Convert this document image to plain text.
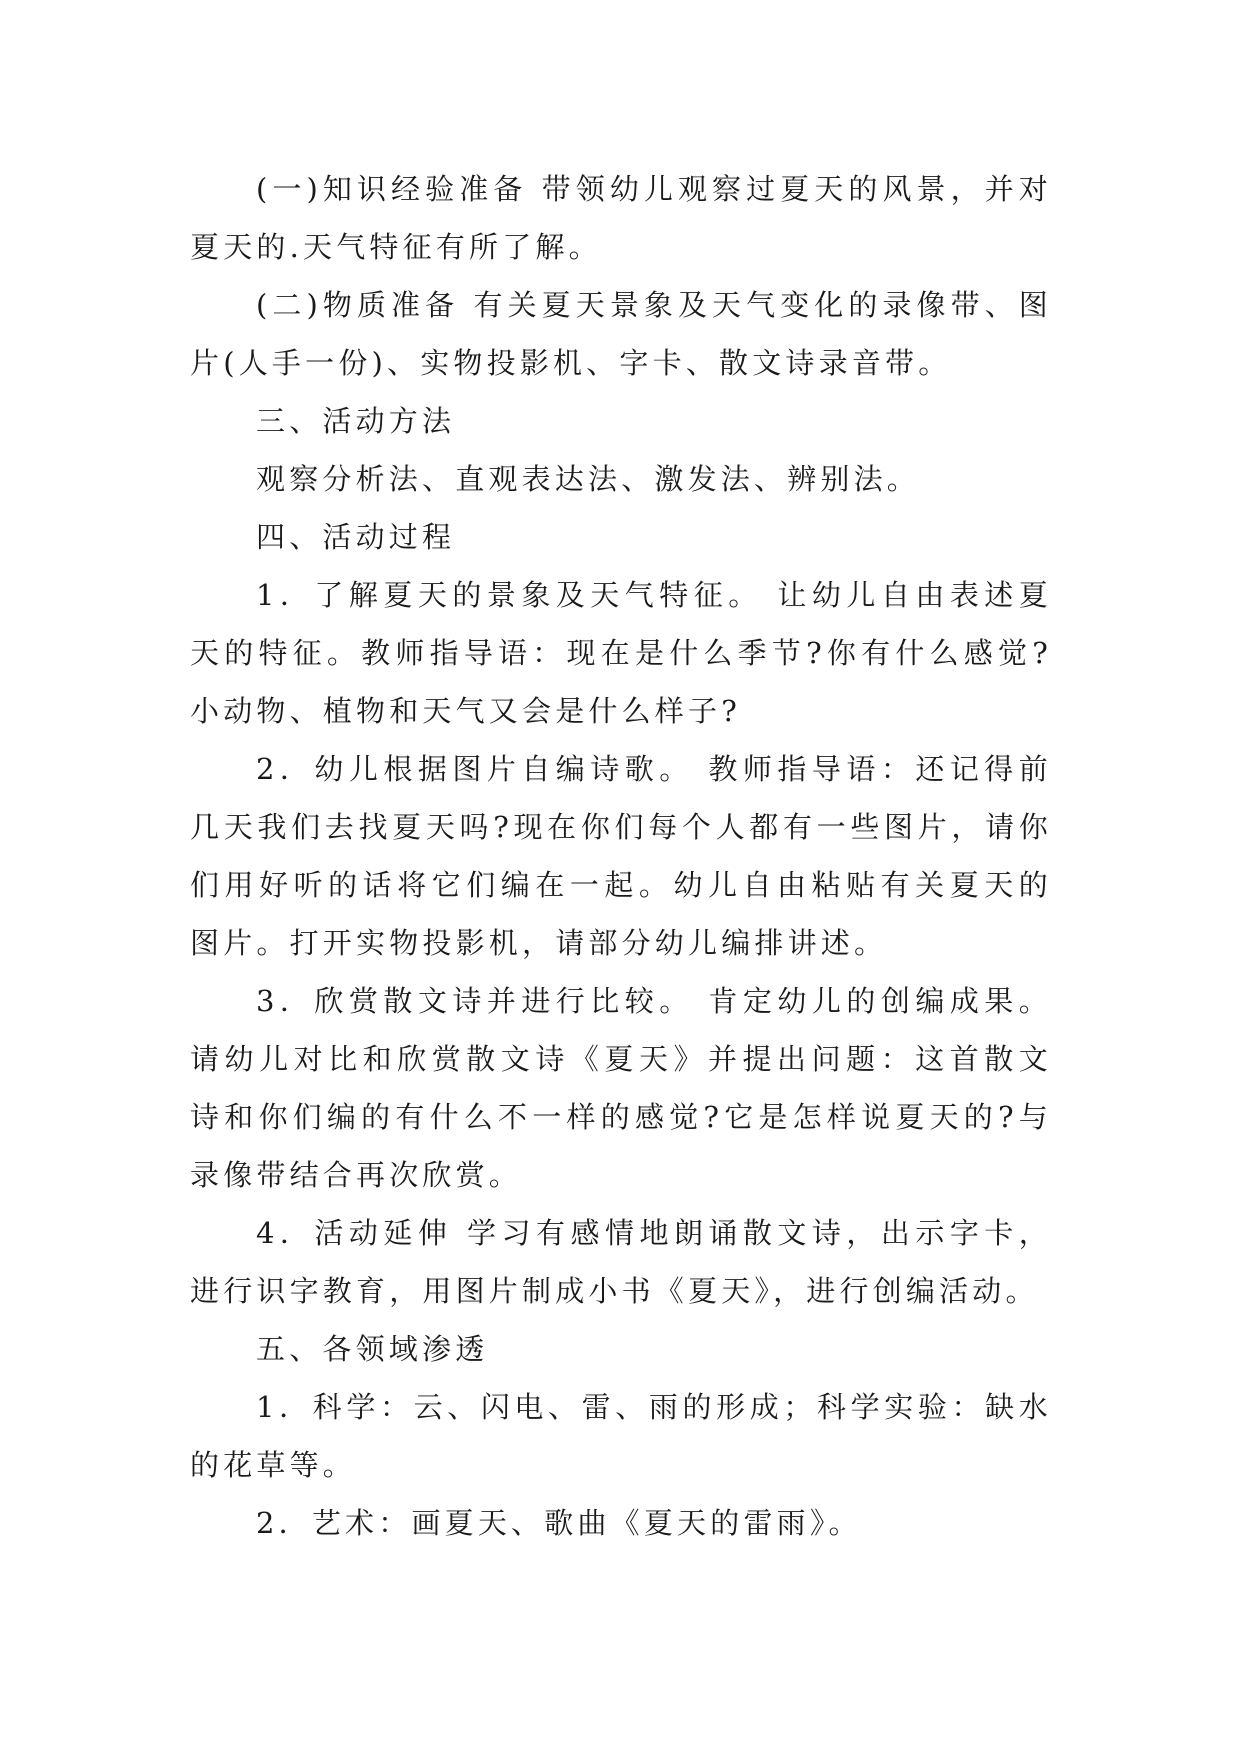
(一)知识经验准备 带领幼儿观察过夏天的风景，并对夏天的.天气特征有所了解。

(二)物质准备 有关夏天景象及天气变化的录像带、图片(人手一份)、实物投影机、字卡、散文诗录音带。

三、活动方法

观察分析法、直观表达法、激发法、辨别法。

四、活动过程

1．了解夏天的景象及天气特征。 让幼儿自由表述夏天的特征。教师指导语：现在是什么季节?你有什么感觉?小动物、植物和天气又会是什么样子?

2．幼儿根据图片自编诗歌。 教师指导语：还记得前几天我们去找夏天吗?现在你们每个人都有一些图片，请你们用好听的话将它们编在一起。幼儿自由粘贴有关夏天的图片。打开实物投影机，请部分幼儿编排讲述。

3．欣赏散文诗并进行比较。 肯定幼儿的创编成果。请幼儿对比和欣赏散文诗《夏天》并提出问题：这首散文诗和你们编的有什么不一样的感觉?它是怎样说夏天的?与录像带结合再次欣赏。

4．活动延伸 学习有感情地朗诵散文诗，出示字卡，进行识字教育，用图片制成小书《夏天》，进行创编活动。

五、各领域渗透

1．科学：云、闪电、雷、雨的形成；科学实验：缺水的花草等。

2．艺术：画夏天、歌曲《夏天的雷雨》。
